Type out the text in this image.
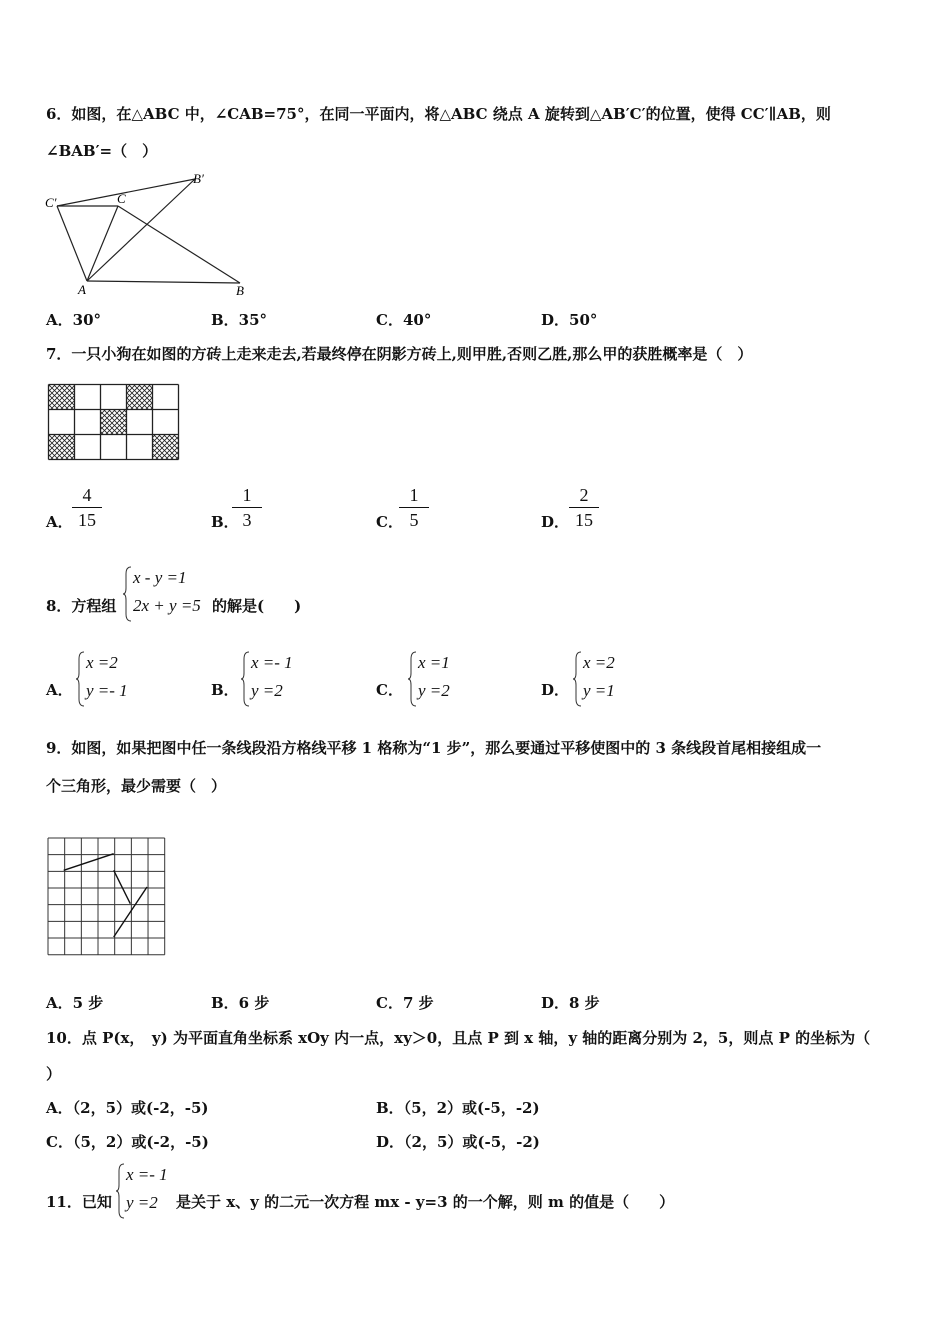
6．如图，在△ABC 中，∠CAB=75°，在同一平面内，将△ABC 绕点 A 旋转到△AB′C′的位置，使得 CC′∥AB，则
∠BAB′=（　）
C′	C
B′
A	B
A．30°	B．35°	C．40°	D．50°
7．一只小狗在如图的方砖上走来走去,若最终停在阴影方砖上,则甲胜,否则乙胜,那么甲的获胜概率是（　）
A．
4
15	B．
1
3	C．
1
5	D．
2
15
8．方程组
x - y =1
2x + y =5 的解是(　　)
A．
x =2
y =- 1	B．
x =- 1
y =2	C．
x =1
y =2	D．
x =2
y =1
9．如图，如果把图中任一条线段沿方格线平移 1 格称为“1 步”，那么要通过平移使图中的 3 条线段首尾相接组成一
个三角形，最少需要（　）
A．5 步	B．6 步	C．7 步	D．8 步
10．点 P(x，　y) 为平面直角坐标系 xOy 内一点，xy＞0，且点 P 到 x 轴，y 轴的距离分别为 2，5，则点 P 的坐标为（
）
A．（2，5）或(-2，-5)	B．（5，2）或(-5，-2)
C．（5，2）或(-2，-5)	D．（2，5）或(-5，-2)
11．已知
x =- 1
y =2 是关于 x、y 的二元一次方程 mx - y=3 的一个解，则 m 的值是（　　）
